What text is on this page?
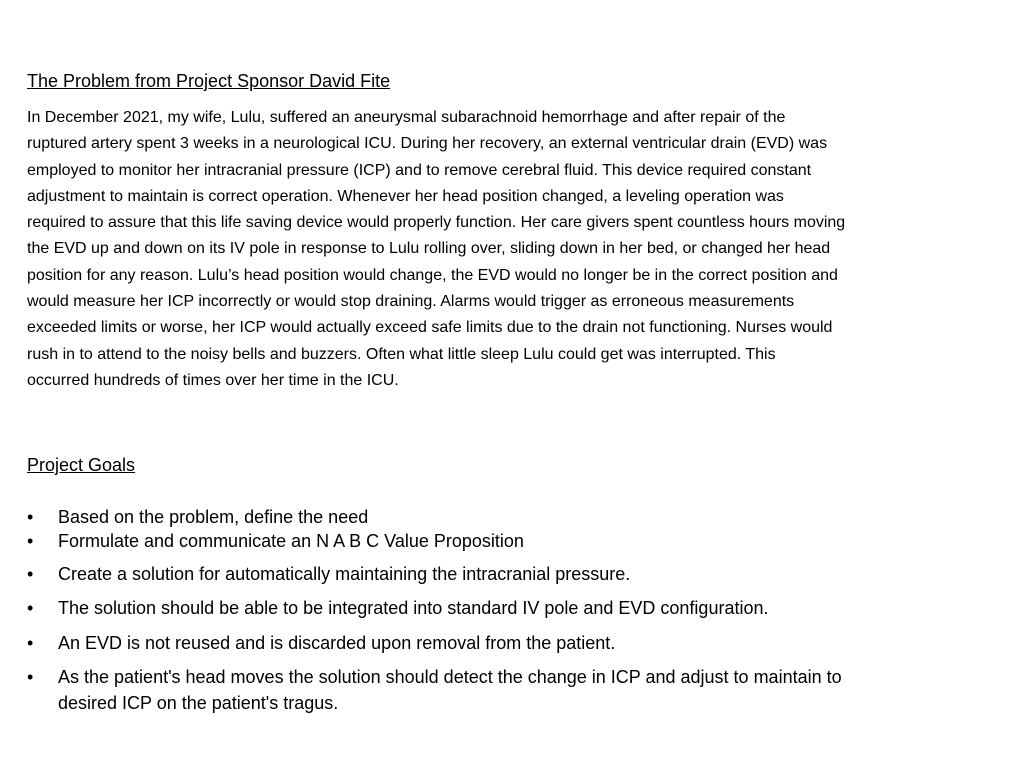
The Problem from Project Sponsor David Fite

In December 2021, my wife, Lulu, suffered an aneurysmal subarachnoid hemorrhage and after repair of the
ruptured artery spent 3 weeks in a neurological ICU. During her recovery, an external ventricular drain (EVD) was
employed to monitor her intracranial pressure (ICP) and to remove cerebral fluid. This device required constant
adjustment to maintain is correct operation. Whenever her head position changed, a leveling operation was
required to assure that this life saving device would properly function. Her care givers spent countless hours moving
the EVD up and down on its IV pole in response to Lulu rolling over, sliding down in her bed, or changed her head
position for any reason. Lulu’s head position would change, the EVD would no longer be in the correct position and
would measure her ICP incorrectly or would stop draining. Alarms would trigger as erroneous measurements
exceeded limits or worse, her ICP would actually exceed safe limits due to the drain not functioning. Nurses would
rush in to attend to the noisy bells and buzzers. Often what little sleep Lulu could get was interrupted. This
occurred hundreds of times over her time in the ICU.

Project Goals
• Based on the problem, define the need
• Formulate and communicate an N A B C Value Proposition
• Create a solution for automatically maintaining the intracranial pressure.
• The solution should be able to be integrated into standard IV pole and EVD configuration.
• An EVD is not reused and is discarded upon removal from the patient.
• As the patient's head moves the solution should detect the change in ICP and adjust to maintain to
desired ICP on the patient's tragus.
